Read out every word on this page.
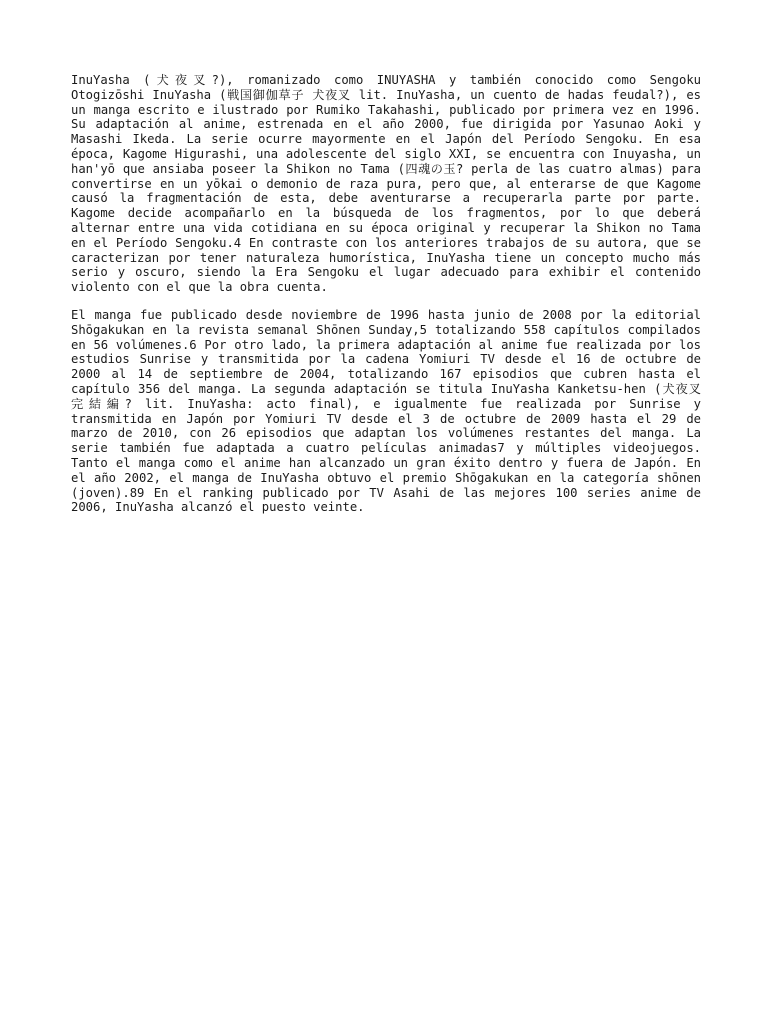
InuYasha (犬夜叉?), romanizado como INUYASHA y también conocido como Sengoku Otogizōshi InuYasha (戦国御伽草子 犬夜叉 lit. InuYasha, un cuento de hadas feudal?), es un manga escrito e ilustrado por Rumiko Takahashi, publicado por primera vez en 1996. Su adaptación al anime, estrenada en el año 2000, fue dirigida por Yasunao Aoki y Masashi Ikeda. La serie ocurre mayormente en el Japón del Período Sengoku. En esa época, Kagome Higurashi, una adolescente del siglo XXI, se encuentra con Inuyasha, un han'yō que ansiaba poseer la Shikon no Tama (四魂の玉? perla de las cuatro almas) para convertirse en un yōkai o demonio de raza pura, pero que, al enterarse de que Kagome causó la fragmentación de esta, debe aventurarse a recuperarla parte por parte. Kagome decide acompañarlo en la búsqueda de los fragmentos, por lo que deberá alternar entre una vida cotidiana en su época original y recuperar la Shikon no Tama en el Período Sengoku.4 En contraste con los anteriores trabajos de su autora, que se caracterizan por tener naturaleza humorística, InuYasha tiene un concepto mucho más serio y oscuro, siendo la Era Sengoku el lugar adecuado para exhibir el contenido violento con el que la obra cuenta.

El manga fue publicado desde noviembre de 1996 hasta junio de 2008 por la editorial Shōgakukan en la revista semanal Shōnen Sunday,5 totalizando 558 capítulos compilados en 56 volúmenes.6 Por otro lado, la primera adaptación al anime fue realizada por los estudios Sunrise y transmitida por la cadena Yomiuri TV desde el 16 de octubre de 2000 al 14 de septiembre de 2004, totalizando 167 episodios que cubren hasta el capítulo 356 del manga. La segunda adaptación se titula InuYasha Kanketsu-hen (犬夜叉 完結編? lit. InuYasha: acto final), e igualmente fue realizada por Sunrise y transmitida en Japón por Yomiuri TV desde el 3 de octubre de 2009 hasta el 29 de marzo de 2010, con 26 episodios que adaptan los volúmenes restantes del manga. La serie también fue adaptada a cuatro películas animadas7 y múltiples videojuegos. Tanto el manga como el anime han alcanzado un gran éxito dentro y fuera de Japón. En el año 2002, el manga de InuYasha obtuvo el premio Shōgakukan en la categoría shōnen (joven).89 En el ranking publicado por TV Asahi de las mejores 100 series anime de 2006, InuYasha alcanzó el puesto veinte.
